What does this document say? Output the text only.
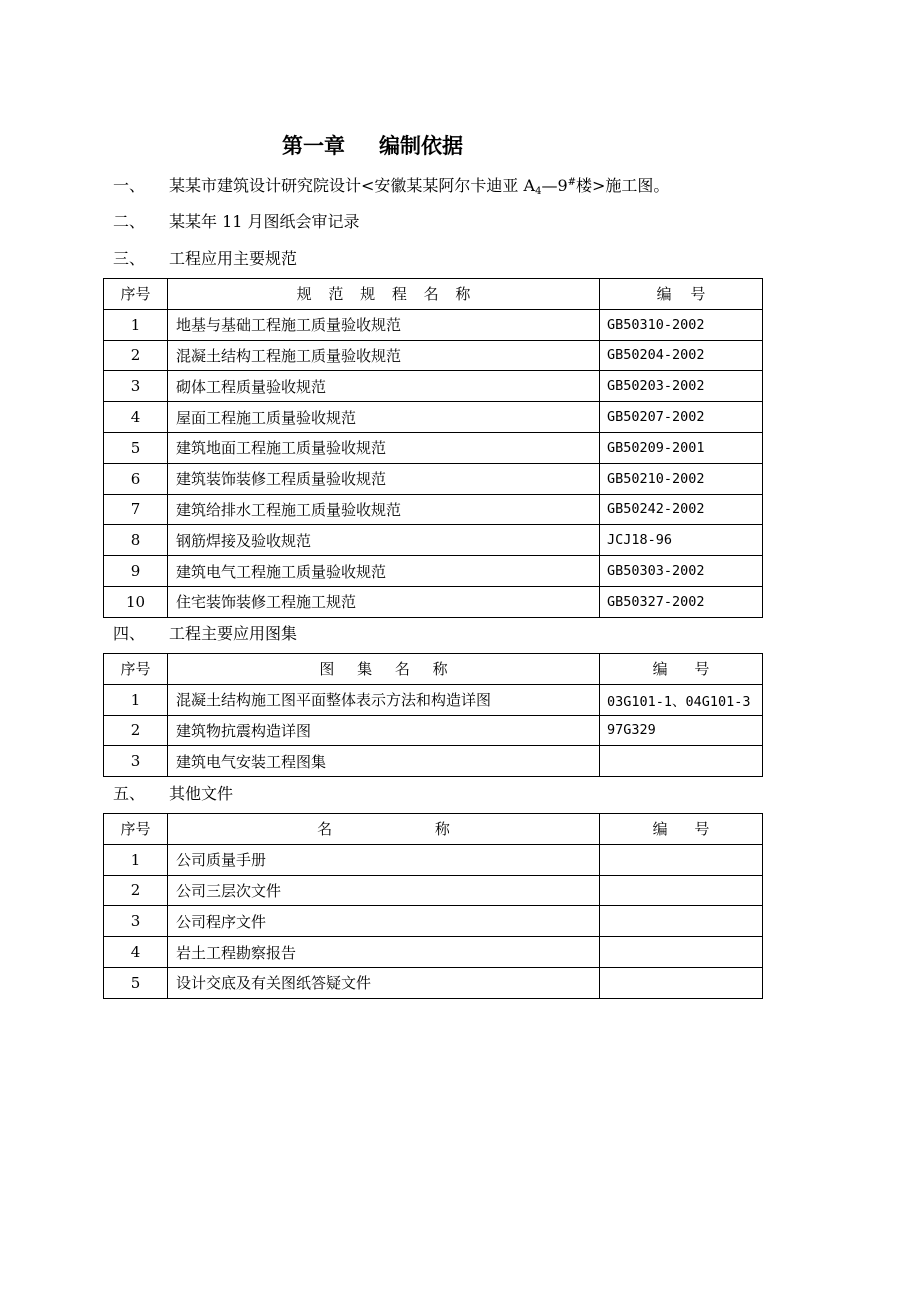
第一章 编制依据
一、 某某市建筑设计研究院设计<安徽某某阿尔卡迪亚 $A_4—9^{\#}$楼>施工图。
二、 某某年 11 月图纸会审记录
三、 工程应用主要规范
序号	规 范 规 程 名 称	编 号
1	地基与基础工程施工质量验收规范	GB50310-2002
2	混凝土结构工程施工质量验收规范	GB50204-2002
3	砌体工程质量验收规范	GB50203-2002
4	屋面工程施工质量验收规范	GB50207-2002
5	建筑地面工程施工质量验收规范	GB50209-2001
6	建筑装饰装修工程质量验收规范	GB50210-2002
7	建筑给排水工程施工质量验收规范	GB50242-2002
8	钢筋焊接及验收规范	JCJ18-96
9	建筑电气工程施工质量验收规范	GB50303-2002
10	住宅装饰装修工程施工规范	GB50327-2002
四、 工程主要应用图集
序号	图 集 名 称	编 号
1	混凝土结构施工图平面整体表示方法和构造详图	03G101-1、04G101-3
2	建筑物抗震构造详图	97G329
3	建筑电气安装工程图集	
五、 其他文件
序号	名 称	编 号
1	公司质量手册	
2	公司三层次文件	
3	公司程序文件	
4	岩土工程勘察报告	
5	设计交底及有关图纸答疑文件	
